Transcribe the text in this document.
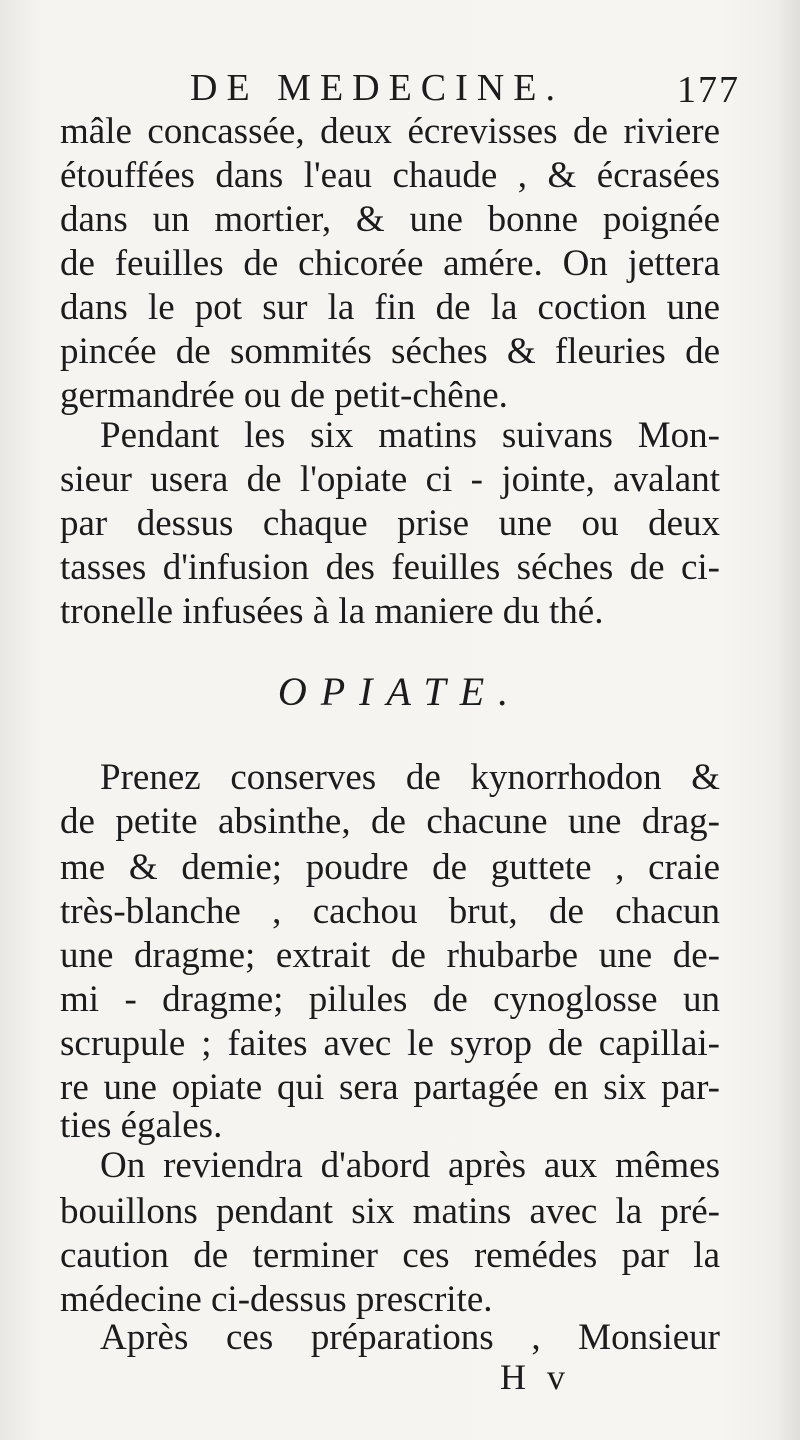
DE MEDECINE.	177
mâle concassée, deux écrevisses de riviere
étouffées dans l'eau chaude , & écrasées
dans un mortier, & une bonne poignée
de feuilles de chicorée amére. On jettera
dans le pot sur la fin de la coction une
pincée de sommités séches & fleuries de
germandrée ou de petit-chêne.
Pendant les six matins suivans Mon-
sieur usera de l'opiate ci - jointe, avalant
par dessus chaque prise une ou deux
tasses d'infusion des feuilles séches de ci-
tronelle infusées à la maniere du thé.
OPIATE.
Prenez conserves de kynorrhodon &
de petite absinthe, de chacune une drag-
me & demie; poudre de guttete , craie
très-blanche , cachou brut, de chacun
une dragme; extrait de rhubarbe une de-
mi - dragme; pilules de cynoglosse un
scrupule ; faites avec le syrop de capillai-
re une opiate qui sera partagée en six par-
ties égales.
On reviendra d'abord après aux mêmes
bouillons pendant six matins avec la pré-
caution de terminer ces remédes par la
médecine ci-dessus prescrite.
Après ces préparations , Monsieur
H v
